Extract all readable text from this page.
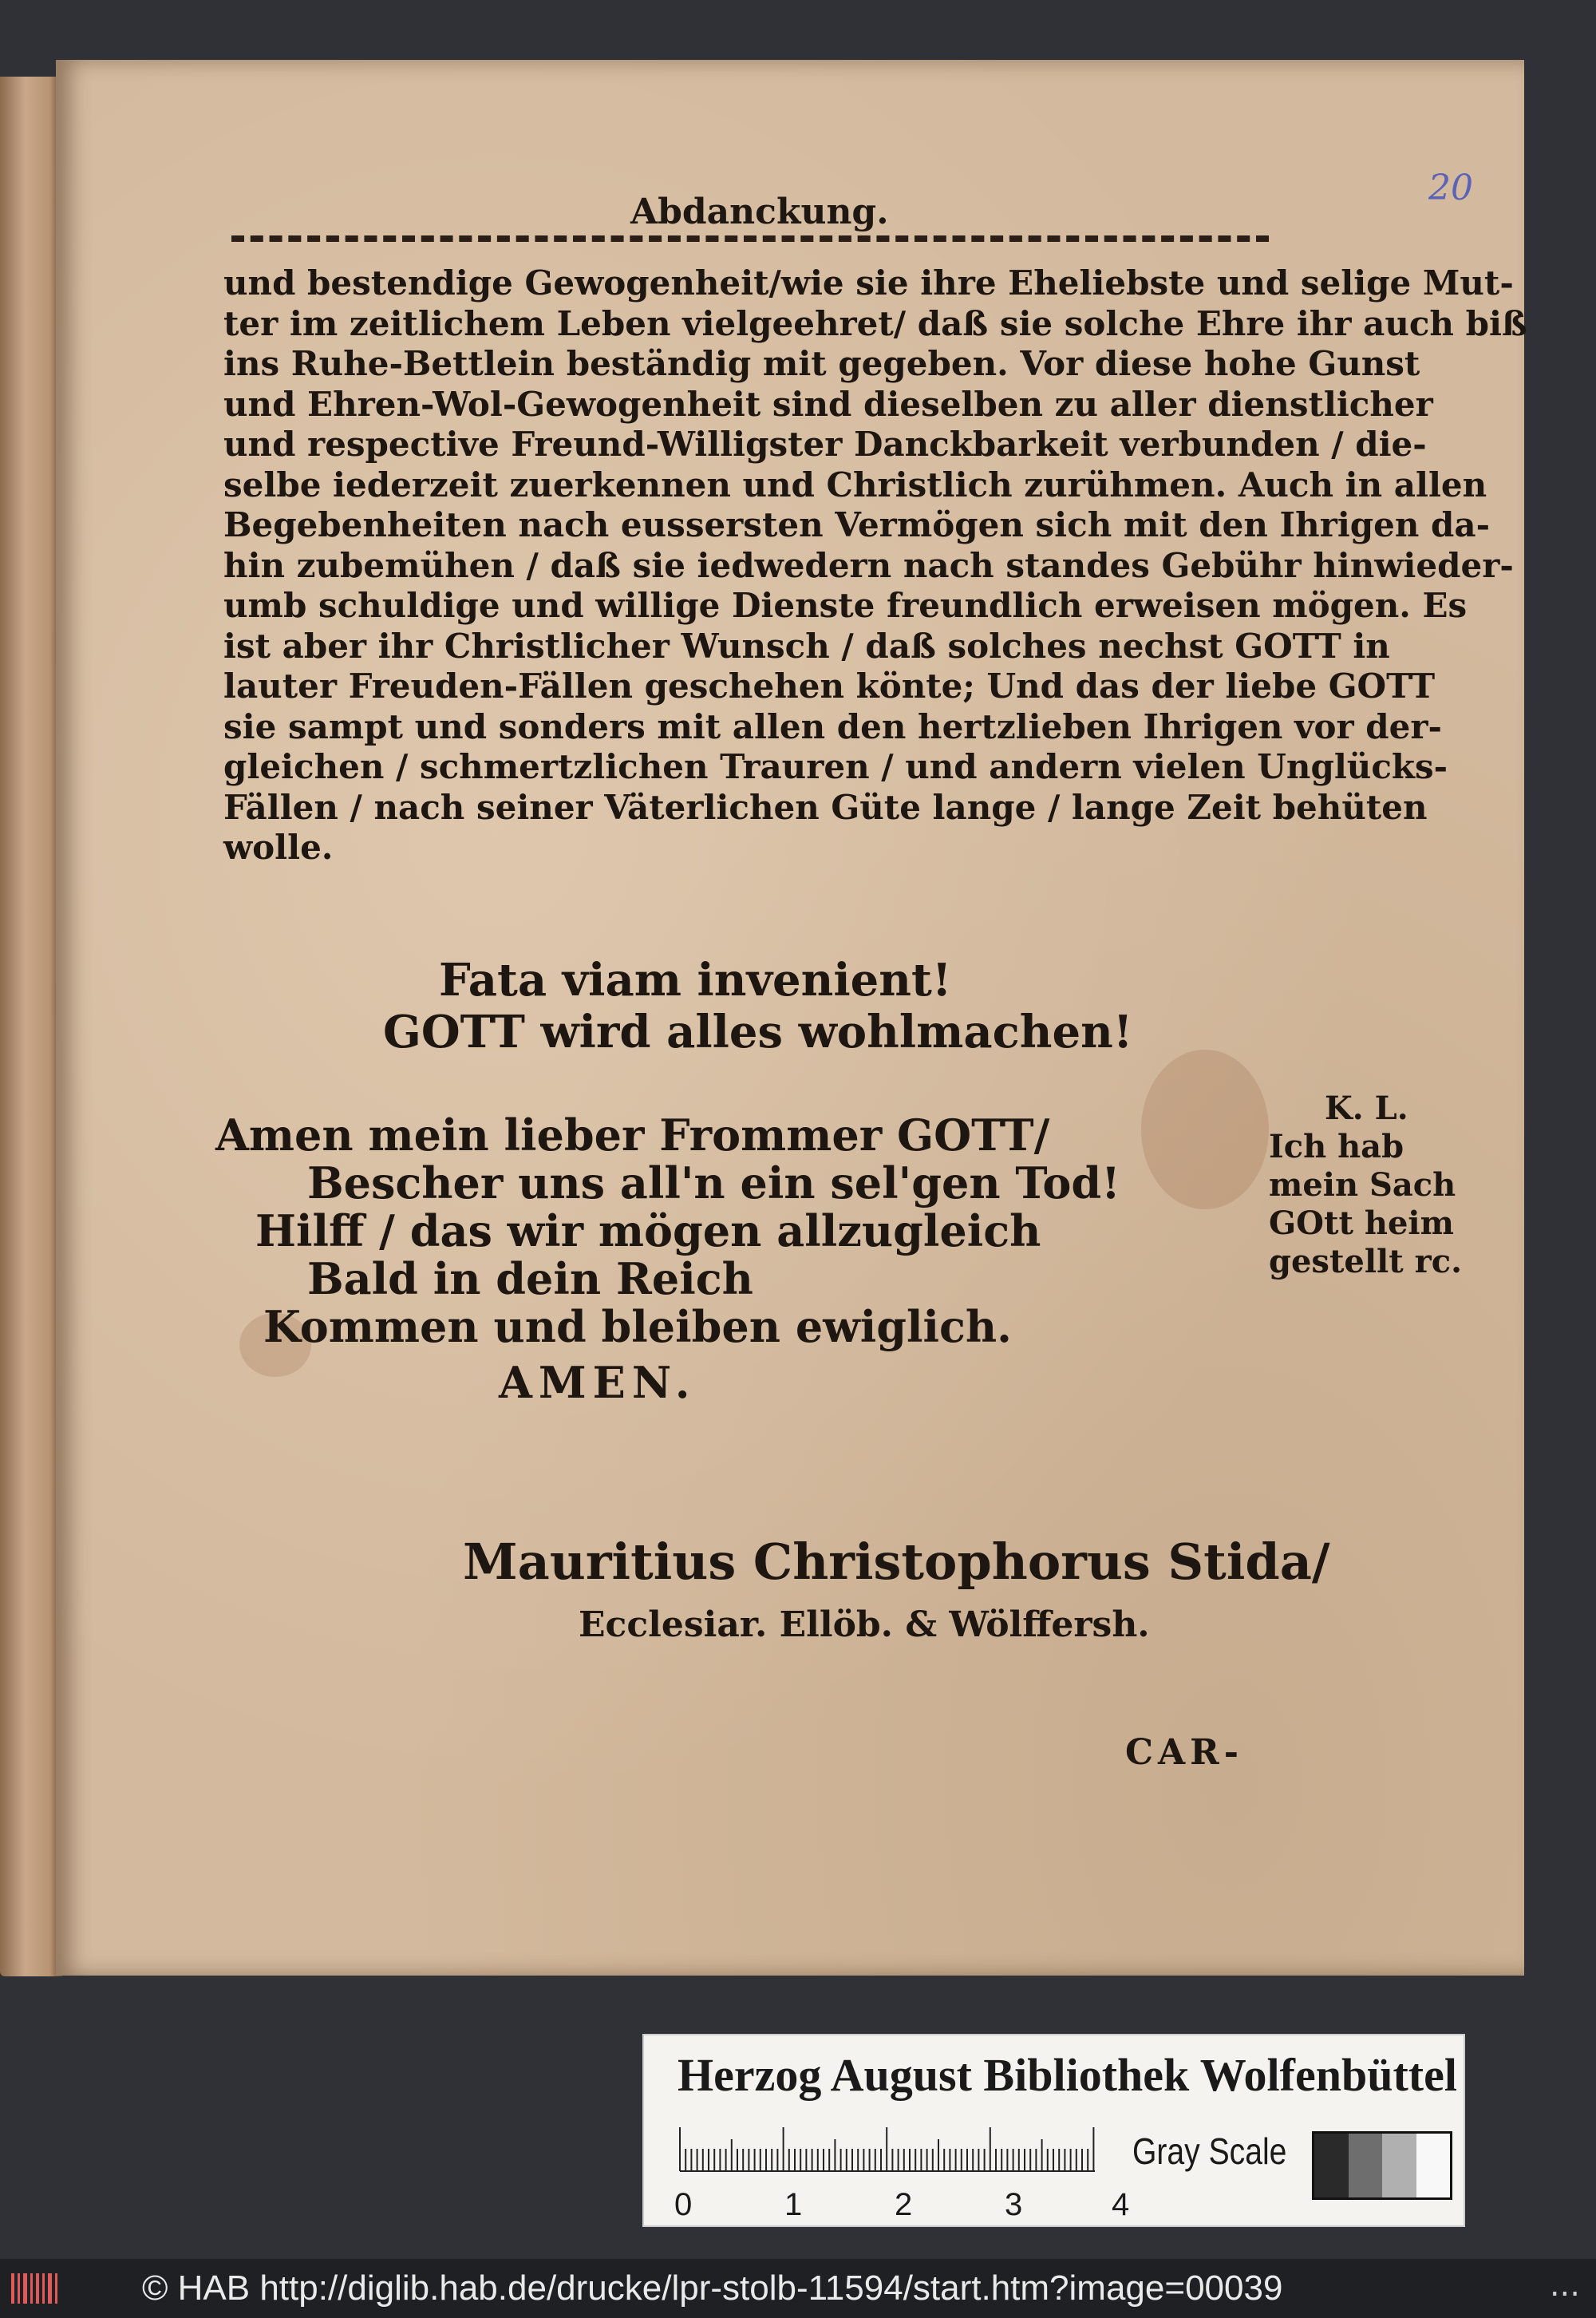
20
Abdanckung.
und bestendige Gewogenheit/wie sie ihre Eheliebste und selige Mut-
ter im zeitlichem Leben vielgeehret/ daß sie solche Ehre ihr auch biß
ins Ruhe-Bettlein beständig mit gegeben. Vor diese hohe Gunst
und Ehren-Wol-Gewogenheit sind dieselben zu aller dienstlicher
und respective Freund-Willigster Danckbarkeit verbunden / die-
selbe iederzeit zuerkennen und Christlich zurühmen. Auch in allen
Begebenheiten nach eussersten Vermögen sich mit den Ihrigen da-
hin zubemühen / daß sie iedwedern nach standes Gebühr hinwieder-
umb schuldige und willige Dienste freundlich erweisen mögen. Es
ist aber ihr Christlicher Wunsch / daß solches nechst GOTT in
lauter Freuden-Fällen geschehen könte; Und das der liebe GOTT
sie sampt und sonders mit allen den hertzlieben Ihrigen vor der-
gleichen / schmertzlichen Trauren / und andern vielen Unglücks-
Fällen / nach seiner Väterlichen Güte lange / lange Zeit behüten
wolle.
Fata viam invenient!
GOTT wird alles wohlmachen!
Amen mein lieber Frommer GOTT/
Bescher uns all'n ein sel'gen Tod!
Hilff / das wir mögen allzugleich
Bald in dein Reich
Kommen und bleiben ewiglich.
AMEN.
K. L.
Ich hab
mein Sach
GOtt heim
gestellt rc.
Mauritius Christophorus Stida/
Ecclesiar. Ellöb. & Wölffersh.
CAR-
Herzog August Bibliothek Wolfenbüttel
0	1	2	3	4
Gray Scale
© HAB http://diglib.hab.de/drucke/lpr-stolb-11594/start.htm?image=00039	...
